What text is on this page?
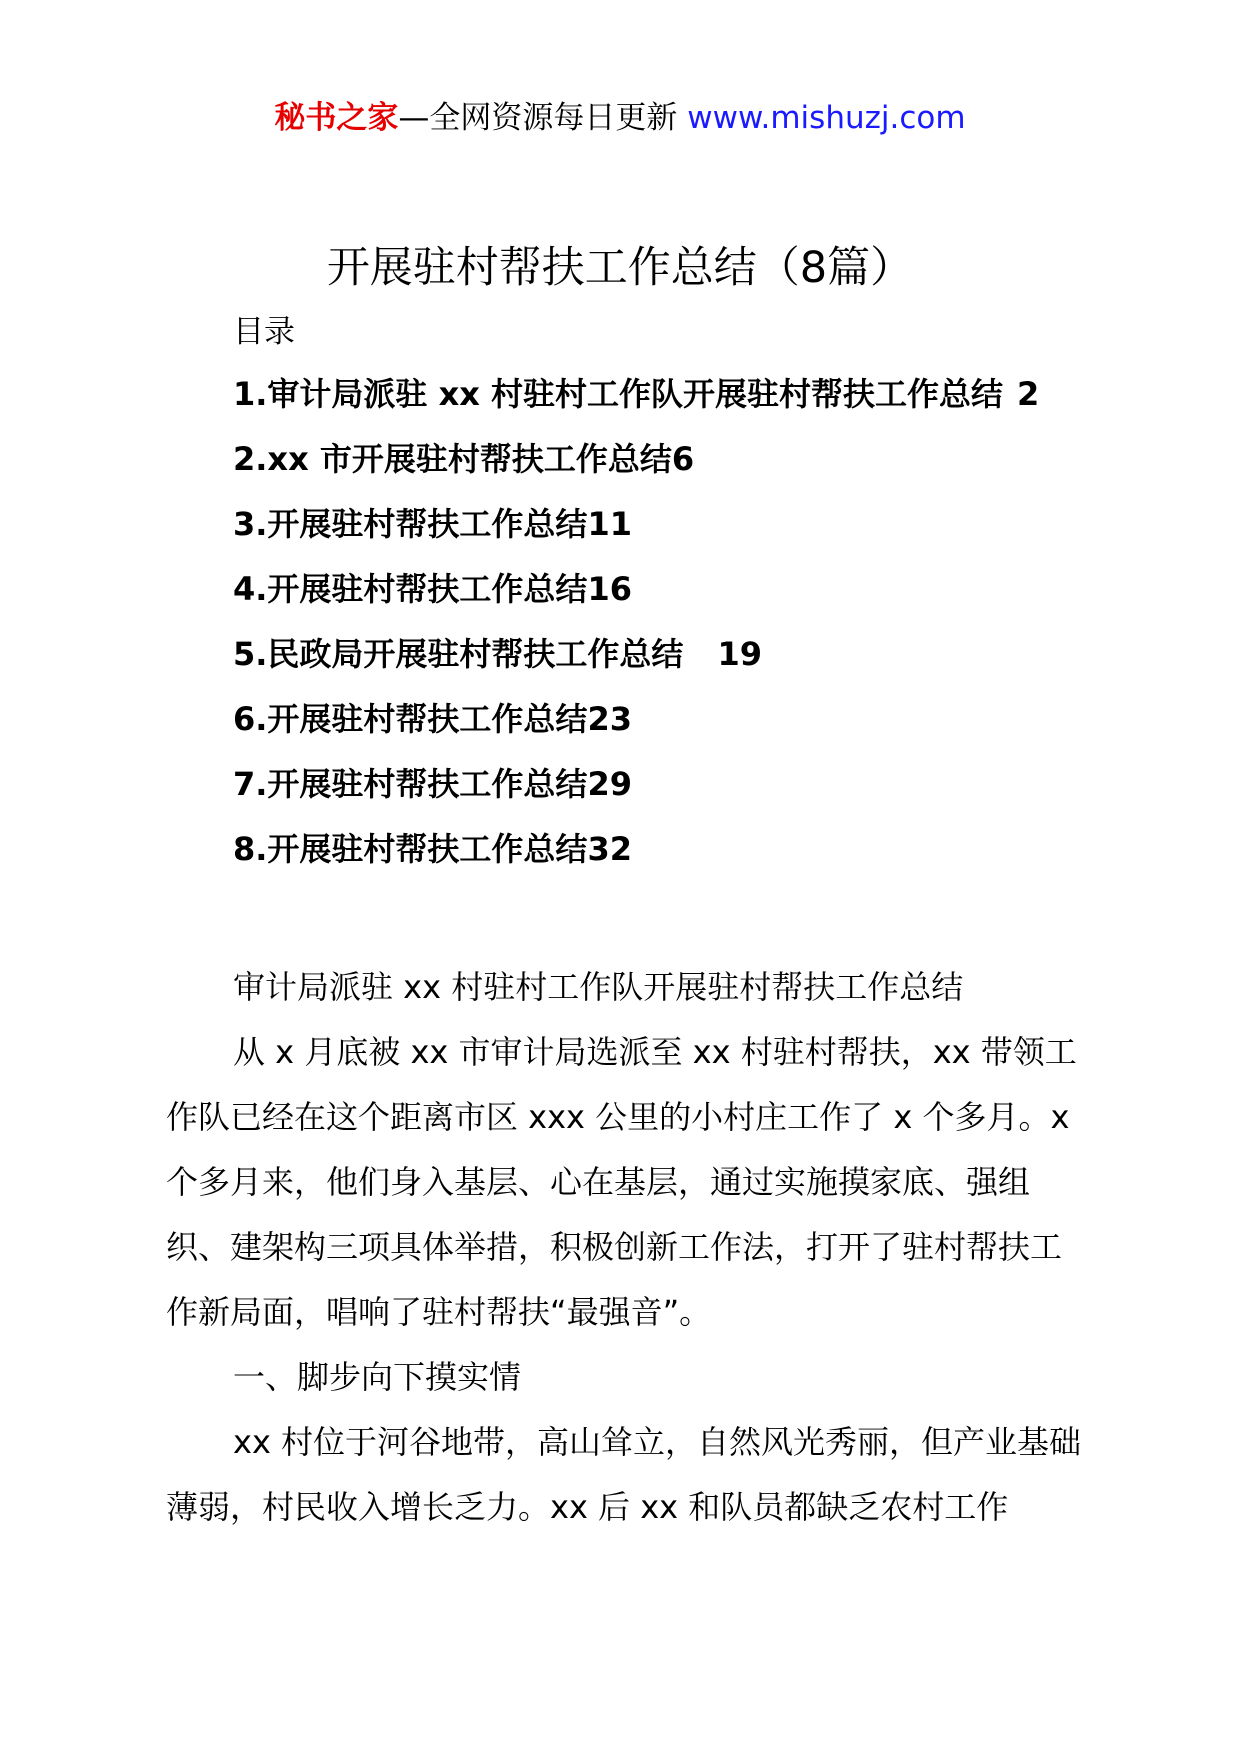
秘书之家—全网资源每日更新 www.mishuzj.com
开展驻村帮扶工作总结（8篇）
目录
1.审计局派驻 xx 村驻村工作队开展驻村帮扶工作总结 2
2.xx 市开展驻村帮扶工作总结6
3.开展驻村帮扶工作总结11
4.开展驻村帮扶工作总结16
5.民政局开展驻村帮扶工作总结 19
6.开展驻村帮扶工作总结23
7.开展驻村帮扶工作总结29
8.开展驻村帮扶工作总结32

审计局派驻 xx 村驻村工作队开展驻村帮扶工作总结

从 x 月底被 xx 市审计局选派至 xx 村驻村帮扶，xx 带领工作队已经在这个距离市区 xxx 公里的小村庄工作了 x 个多月。x 个多月来，他们身入基层、心在基层，通过实施摸家底、强组织、建架构三项具体举措，积极创新工作法，打开了驻村帮扶工作新局面，唱响了驻村帮扶“最强音”。

一、脚步向下摸实情

xx 村位于河谷地带，高山耸立，自然风光秀丽，但产业基础薄弱，村民收入增长乏力。xx 后 xx 和队员都缺乏农村工作
